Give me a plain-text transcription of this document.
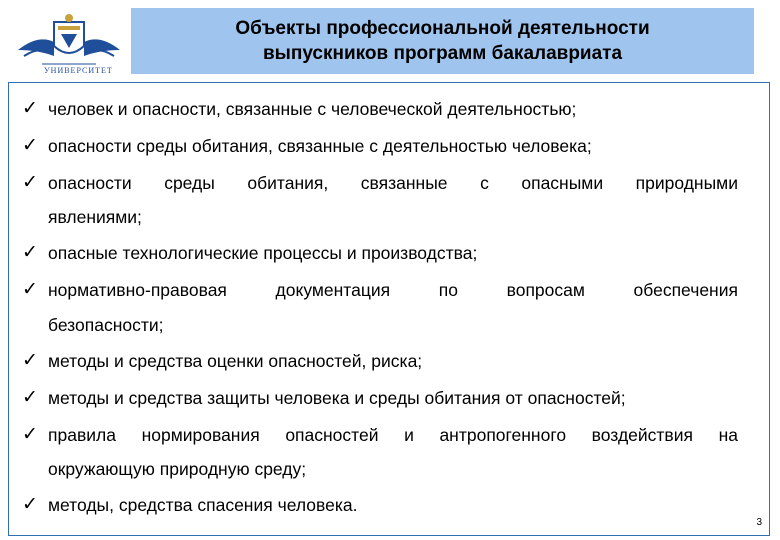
УНИВЕРСИТЕТ
Объекты профессиональной деятельности
выпускников программ бакалавриата
✓ человек и опасности, связанные с человеческой деятельностью;
✓ опасности среды обитания, связанные с деятельностью человека;
✓ опасности среды обитания, связанные с опасными природными
явлениями;
✓ опасные технологические процессы и производства;
✓ нормативно-правовая	документация	по	вопросам	обеспечения
безопасности;
✓ методы и средства оценки опасностей, риска;
✓ методы и средства защиты человека и среды обитания от опасностей;
✓ правила нормирования опасностей и антропогенного воздействия на
окружающую природную среду;
✓ методы, средства спасения человека.
3
